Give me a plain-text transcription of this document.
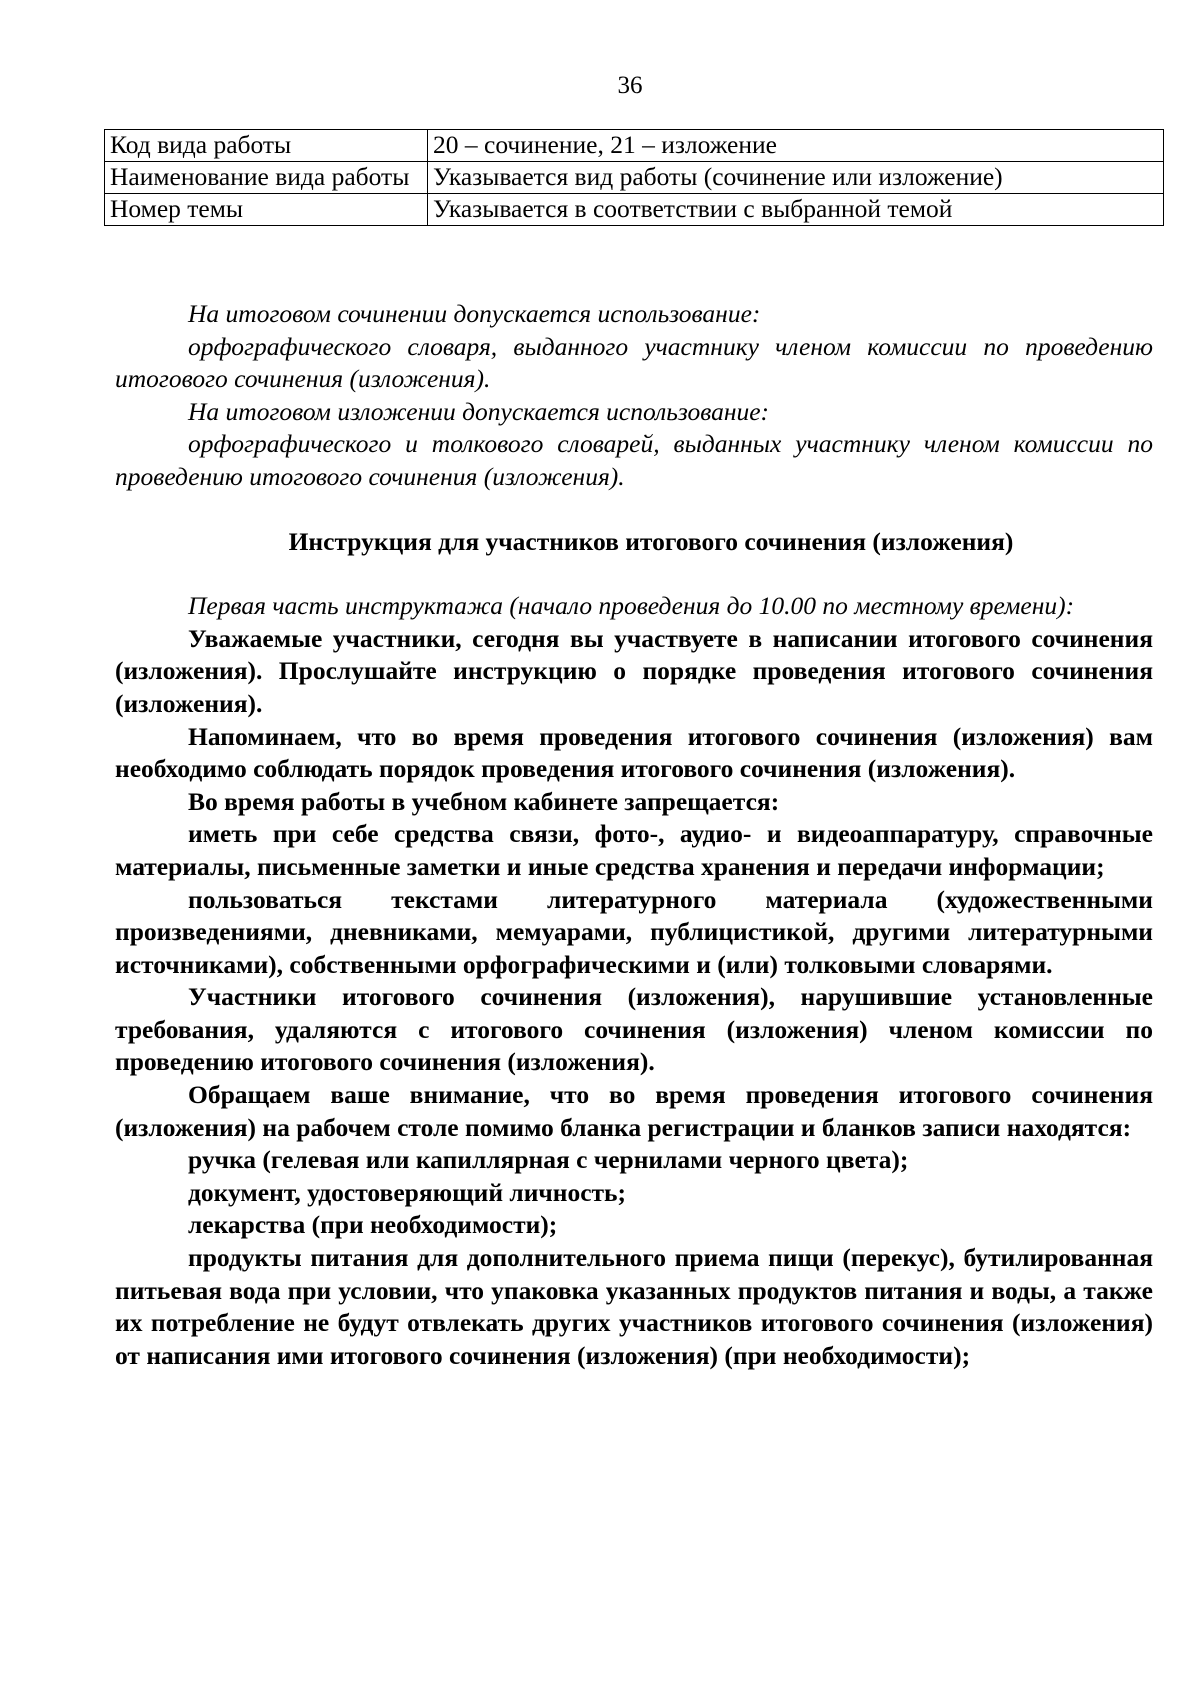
36
Код вида работы	20 – сочинение, 21 – изложение
Наименование вида работы	Указывается вид работы (сочинение или изложение)
Номер темы	Указывается в соответствии с выбранной темой

На итоговом сочинении допускается использование:

орфографического словаря, выданного участнику членом комиссии по проведению итогового сочинения (изложения).

На итоговом изложении допускается использование:

орфографического и толкового словарей, выданных участнику членом комиссии по проведению итогового сочинения (изложения).

Инструкция для участников итогового сочинения (изложения)

Первая часть инструктажа (начало проведения до 10.00 по местному времени):

Уважаемые участники, сегодня вы участвуете в написании итогового сочинения (изложения). Прослушайте инструкцию о порядке проведения итогового сочинения (изложения).

Напоминаем, что во время проведения итогового сочинения (изложения) вам необходимо соблюдать порядок проведения итогового сочинения (изложения).

Во время работы в учебном кабинете запрещается:

иметь при себе средства связи, фото-, аудио- и видеоаппаратуру, справочные материалы, письменные заметки и иные средства хранения и передачи информации;

пользоваться текстами литературного материала (художественными произведениями, дневниками, мемуарами, публицистикой, другими литературными источниками), собственными орфографическими и (или) толковыми словарями.

Участники итогового сочинения (изложения), нарушившие установленные требования, удаляются с итогового сочинения (изложения) членом комиссии по проведению итогового сочинения (изложения).

Обращаем ваше внимание, что во время проведения итогового сочинения (изложения) на рабочем столе помимо бланка регистрации и бланков записи находятся:

ручка (гелевая или капиллярная с чернилами черного цвета);

документ, удостоверяющий личность;

лекарства (при необходимости);

продукты питания для дополнительного приема пищи (перекус), бутилированная питьевая вода при условии, что упаковка указанных продуктов питания и воды, а также их потребление не будут отвлекать других участников итогового сочинения (изложения) от написания ими итогового сочинения (изложения) (при необходимости);
